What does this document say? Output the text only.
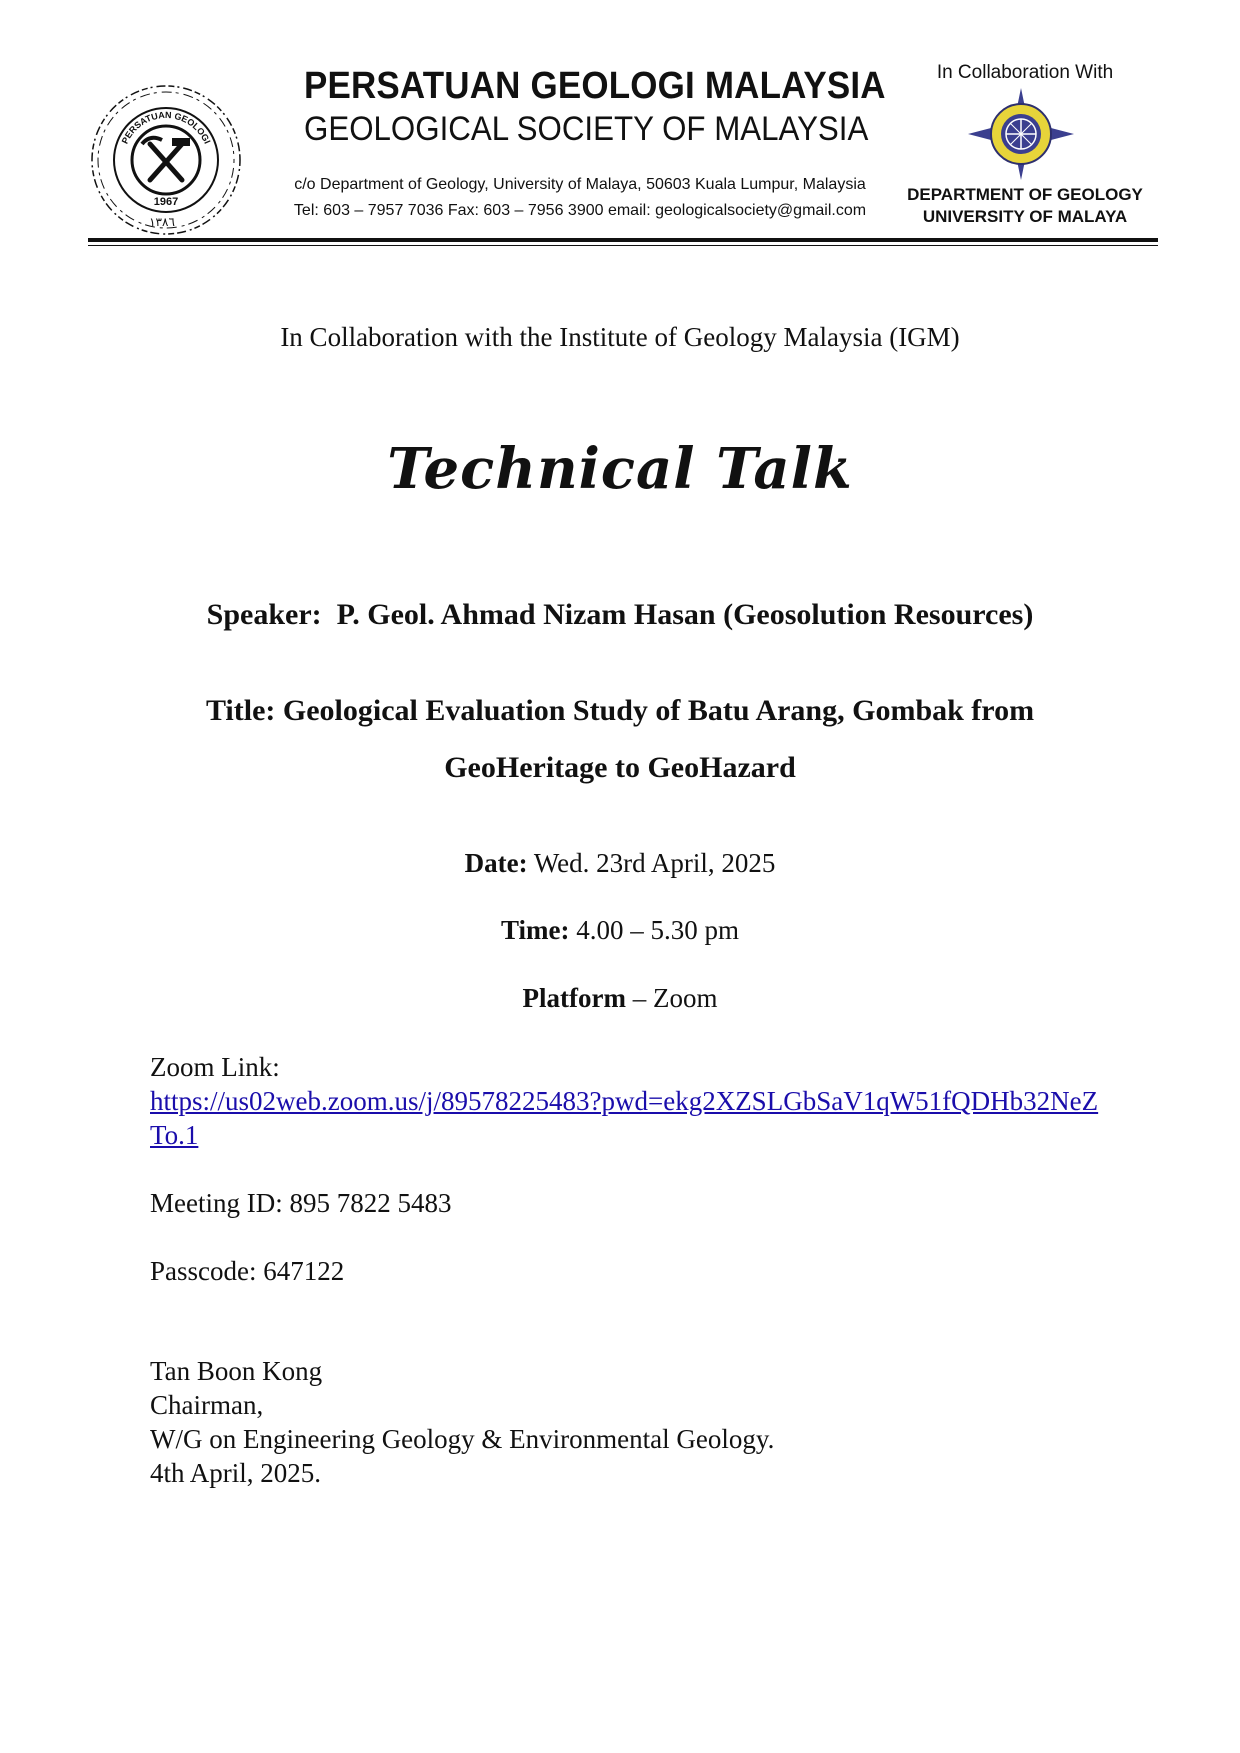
PERSATUAN GEOLOGI
1967
١٣٨٦
PERSATUAN GEOLOGI MALAYSIA
GEOLOGICAL SOCIETY OF MALAYSIA
c/o Department of Geology, University of Malaya, 50603 Kuala Lumpur, Malaysia
Tel: 603 – 7957 7036 Fax: 603 – 7956 3900 email: geologicalsociety@gmail.com
In Collaboration With
DEPARTMENT OF GEOLOGY
UNIVERSITY OF MALAYA
In Collaboration with the Institute of Geology Malaysia (IGM)
Technical Talk
Speaker: P. Geol. Ahmad Nizam Hasan (Geosolution Resources)
Title: Geological Evaluation Study of Batu Arang, Gombak from GeoHeritage to GeoHazard
Date: Wed. 23rd April, 2025
Time: 4.00 – 5.30 pm
Platform – Zoom
Zoom Link:
https://us02web.zoom.us/j/89578225483?pwd=ekg2XZSLGbSaV1qW51fQDHb32NeZTo.1
Meeting ID: 895 7822 5483
Passcode: 647122
Tan Boon Kong
Chairman,
W/G on Engineering Geology & Environmental Geology.
4th April, 2025.
